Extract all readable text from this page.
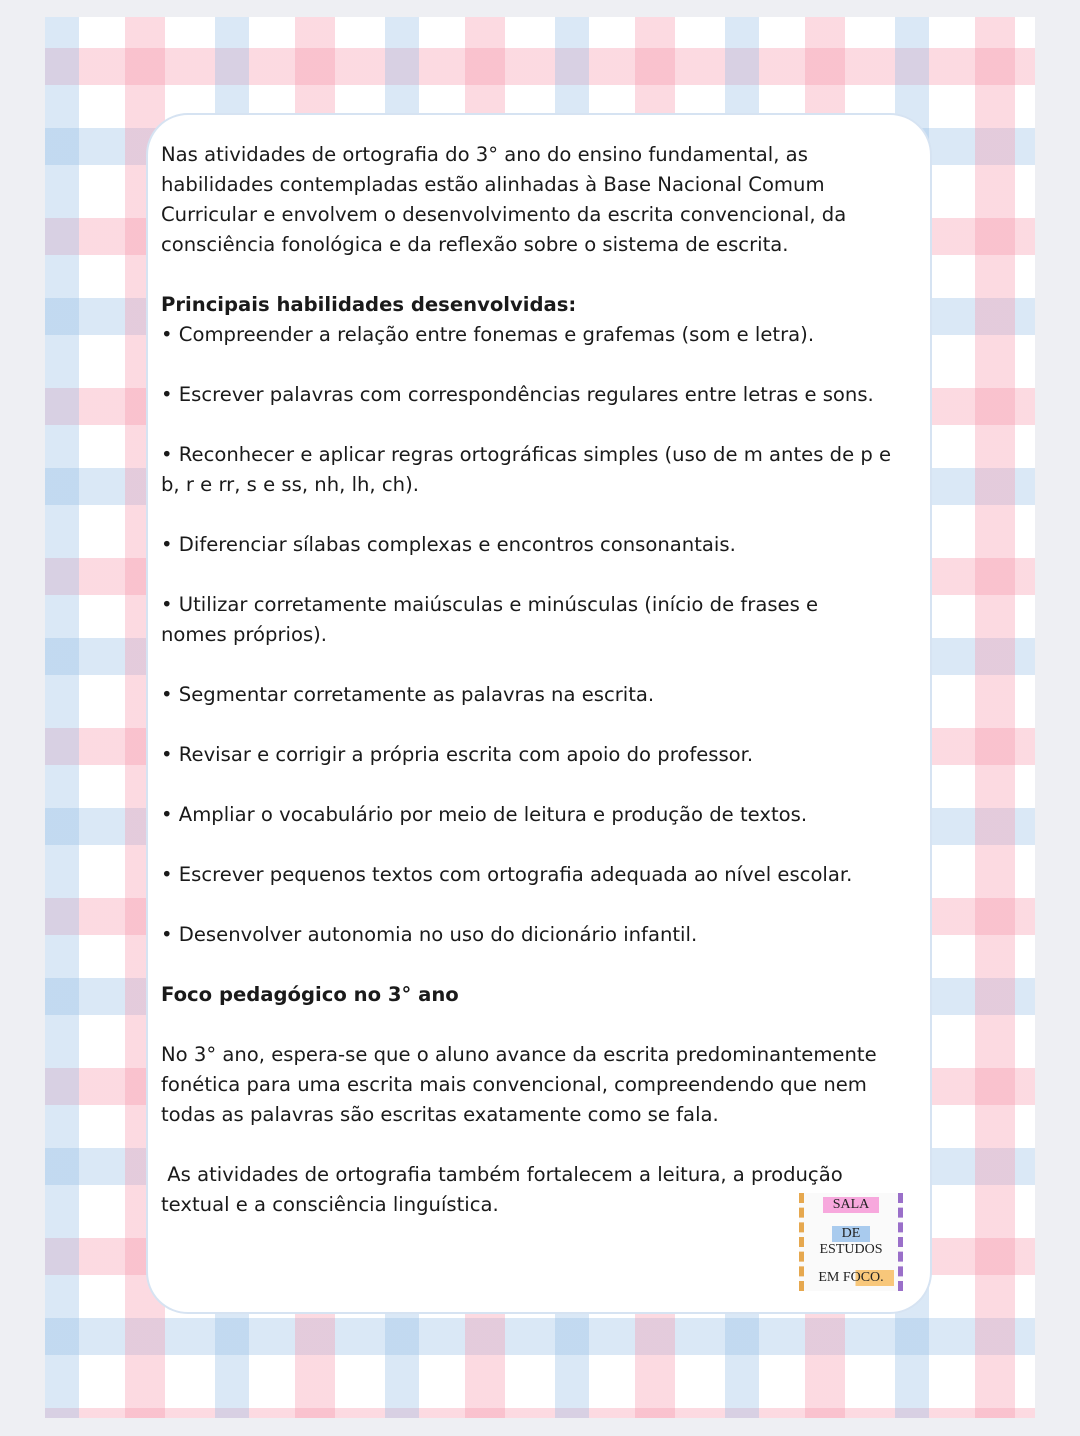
Nas atividades de ortografia do 3° ano do ensino fundamental, as
habilidades contempladas estão alinhadas à Base Nacional Comum
Curricular e envolvem o desenvolvimento da escrita convencional, da
consciência fonológica e da reflexão sobre o sistema de escrita.
Principais habilidades desenvolvidas:
• Compreender a relação entre fonemas e grafemas (som e letra).
• Escrever palavras com correspondências regulares entre letras e sons.
• Reconhecer e aplicar regras ortográficas simples (uso de m antes de p e
b, r e rr, s e ss, nh, lh, ch).
• Diferenciar sílabas complexas e encontros consonantais.
• Utilizar corretamente maiúsculas e minúsculas (início de frases e
nomes próprios).
• Segmentar corretamente as palavras na escrita.
• Revisar e corrigir a própria escrita com apoio do professor.
• Ampliar o vocabulário por meio de leitura e produção de textos.
• Escrever pequenos textos com ortografia adequada ao nível escolar.
• Desenvolver autonomia no uso do dicionário infantil.
Foco pedagógico no 3° ano
No 3° ano, espera-se que o aluno avance da escrita predominantemente
fonética para uma escrita mais convencional, compreendendo que nem
todas as palavras são escritas exatamente como se fala.
As atividades de ortografia também fortalecem a leitura, a produção
textual e a consciência linguística.	SALA
DE
ESTUDOS
EM FOCO.
